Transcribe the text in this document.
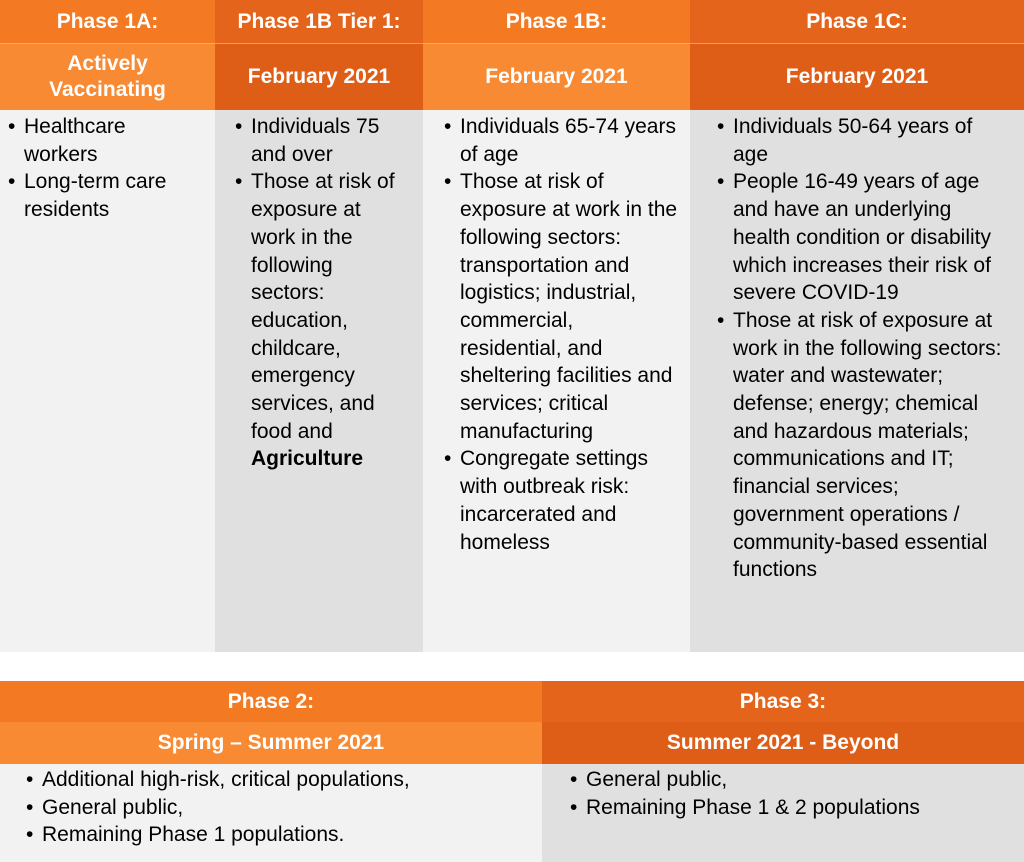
Phase 1A:
Actively Vaccinating
• Healthcare workers
• Long-term care residents
Phase 1B Tier 1:
February 2021
• Individuals 75 and over
• Those at risk of exposure at work in the following sectors: education, childcare, emergency services, and food and
Agriculture
Phase 1B:
February 2021
• Individuals 65-74 years of age
• Those at risk of exposure at work in the following sectors: transportation and logistics; industrial, commercial, residential, and sheltering facilities and services; critical manufacturing
• Congregate settings with outbreak risk: incarcerated and homeless
Phase 1C:
February 2021
• Individuals 50-64 years of age
• People 16-49 years of age and have an underlying health condition or disability which increases their risk of severe COVID-19
• Those at risk of exposure at work in the following sectors: water and wastewater; defense; energy; chemical and hazardous materials; communications and IT; financial services; government operations / community-based essential functions
Phase 2:
Spring – Summer 2021
• Additional high-risk, critical populations,
• General public,
• Remaining Phase 1 populations.
Phase 3:
Summer 2021 - Beyond
• General public,
• Remaining Phase 1 & 2 populations
